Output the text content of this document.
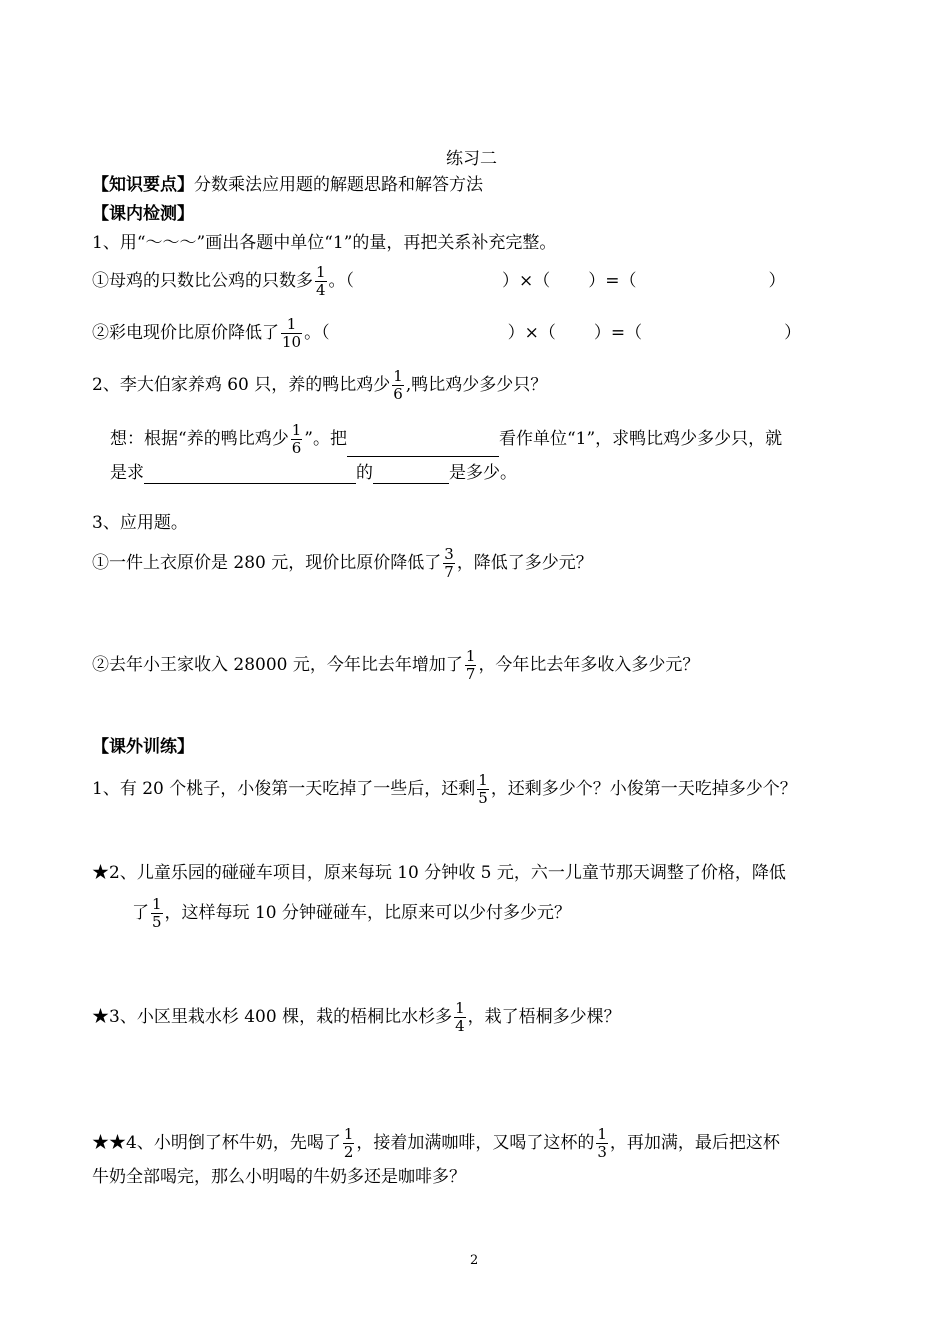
练习二
【知识要点】分数乘法应用题的解题思路和解答方法
【课内检测】
1、用“～～～”画出各题中单位“1”的量，再把关系补充完整。
①母鸡的只数比公鸡的只数多 $\frac{1}{4}$ 。（	）×（ ）=（	）
②彩电现价比原价降低了 $\frac{1}{10}$ 。（	）×（ ）=（	）
2、李大伯家养鸡 60 只，养的鸭比鸡少 $\frac{1}{6}$ ,鸭比鸡少多少只？
想：根据“养的鸭比鸡少 $\frac{1}{6}$ ”。把	看作单位“1”，求鸭比鸡少多少只，就
是求	的	是多少。
3、应用题。
①一件上衣原价是 280 元，现价比原价降低了 $\frac{3}{7}$ ，降低了多少元？
②去年小王家收入 28000 元，今年比去年增加了 $\frac{1}{7}$ ，今年比去年多收入多少元？
【课外训练】
1、有 20 个桃子，小俊第一天吃掉了一些后，还剩 $\frac{1}{5}$ ，还剩多少个？小俊第一天吃掉多少个？
★2、儿童乐园的碰碰车项目，原来每玩 10 分钟收 5 元，六一儿童节那天调整了价格，降低
了 $\frac{1}{5}$ ，这样每玩 10 分钟碰碰车，比原来可以少付多少元？
★3、小区里栽水杉 400 棵，栽的梧桐比水杉多 $\frac{1}{4}$ ，栽了梧桐多少棵？
★★4、小明倒了杯牛奶，先喝了 $\frac{1}{2}$ ，接着加满咖啡，又喝了这杯的 $\frac{1}{3}$ ，再加满，最后把这杯
牛奶全部喝完，那么小明喝的牛奶多还是咖啡多？
2
